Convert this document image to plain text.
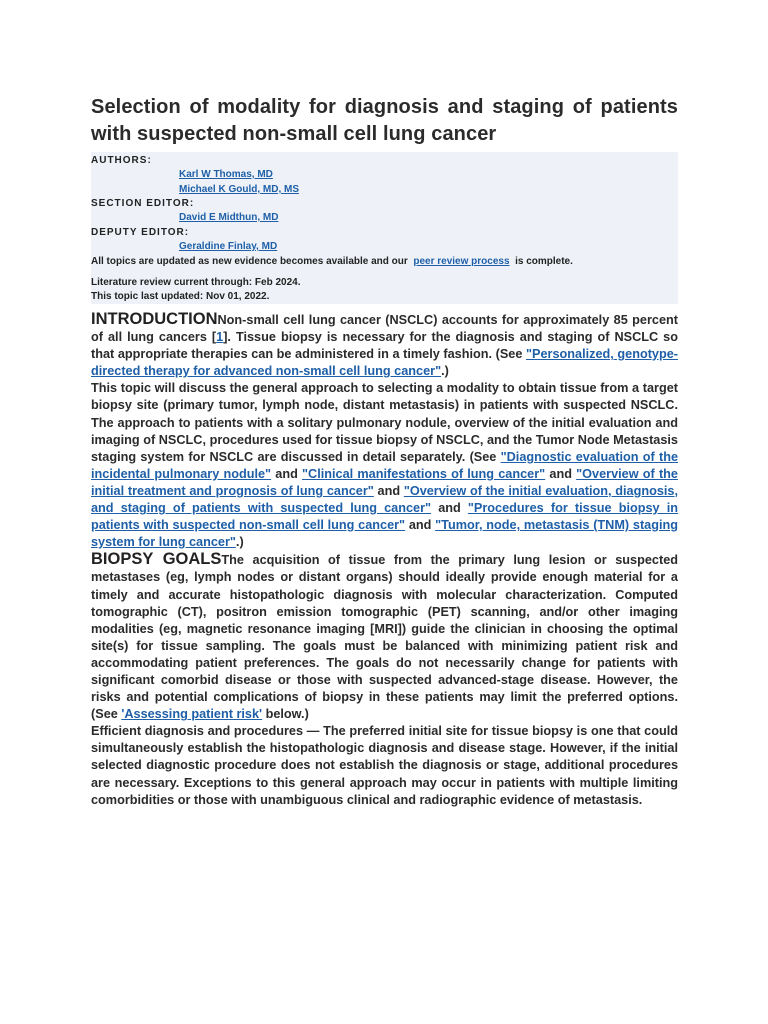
Selection of modality for diagnosis and staging of patients with suspected non-small cell lung cancer
AUTHORS:
Karl W Thomas, MD
Michael K Gould, MD, MS
SECTION EDITOR:
David E Midthun, MD
DEPUTY EDITOR:
Geraldine Finlay, MD
All topics are updated as new evidence becomes available and our peer review process is complete.
Literature review current through: Feb 2024.
This topic last updated: Nov 01, 2022.

INTRODUCTIONNon-small cell lung cancer (NSCLC) accounts for approximately 85 percent of all lung cancers [1]. Tissue biopsy is necessary for the diagnosis and staging of NSCLC so that appropriate therapies can be administered in a timely fashion. (See "Personalized, genotype-directed therapy for advanced non-small cell lung cancer".)

This topic will discuss the general approach to selecting a modality to obtain tissue from a target biopsy site (primary tumor, lymph node, distant metastasis) in patients with suspected NSCLC. The approach to patients with a solitary pulmonary nodule, overview of the initial evaluation and imaging of NSCLC, procedures used for tissue biopsy of NSCLC, and the Tumor Node Metastasis staging system for NSCLC are discussed in detail separately. (See "Diagnostic evaluation of the incidental pulmonary nodule" and "Clinical manifestations of lung cancer" and "Overview of the initial treatment and prognosis of lung cancer" and "Overview of the initial evaluation, diagnosis, and staging of patients with suspected lung cancer" and "Procedures for tissue biopsy in patients with suspected non-small cell lung cancer" and "Tumor, node, metastasis (TNM) staging system for lung cancer".)

BIOPSY GOALSThe acquisition of tissue from the primary lung lesion or suspected metastases (eg, lymph nodes or distant organs) should ideally provide enough material for a timely and accurate histopathologic diagnosis with molecular characterization. Computed tomographic (CT), positron emission tomographic (PET) scanning, and/or other imaging modalities (eg, magnetic resonance imaging [MRI]) guide the clinician in choosing the optimal site(s) for tissue sampling. The goals must be balanced with minimizing patient risk and accommodating patient preferences. The goals do not necessarily change for patients with significant comorbid disease or those with suspected advanced-stage disease. However, the risks and potential complications of biopsy in these patients may limit the preferred options. (See 'Assessing patient risk' below.)

Efficient diagnosis and procedures — The preferred initial site for tissue biopsy is one that could simultaneously establish the histopathologic diagnosis and disease stage. However, if the initial selected diagnostic procedure does not establish the diagnosis or stage, additional procedures are necessary. Exceptions to this general approach may occur in patients with multiple limiting comorbidities or those with unambiguous clinical and radiographic evidence of metastasis.
